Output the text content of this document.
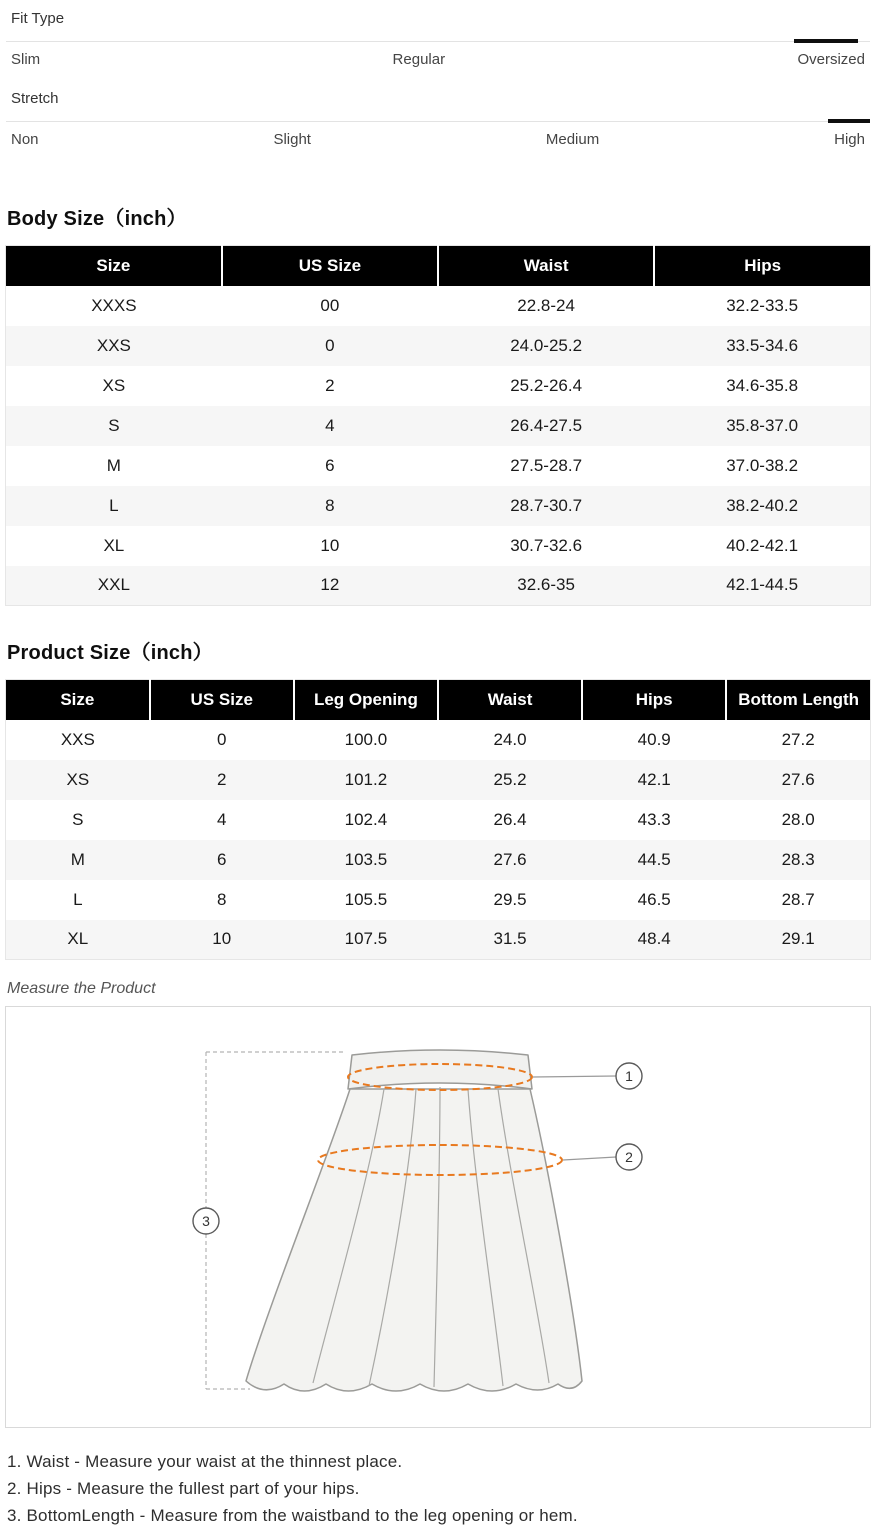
Fit Type
Slim	Regular	Oversized
Stretch
Non	Slight	Medium	High
Body Size（inch）
Size	US Size	Waist	Hips
XXXS	00	22.8-24	32.2-33.5
XXS	0	24.0-25.2	33.5-34.6
XS	2	25.2-26.4	34.6-35.8
S	4	26.4-27.5	35.8-37.0
M	6	27.5-28.7	37.0-38.2
L	8	28.7-30.7	38.2-40.2
XL	10	30.7-32.6	40.2-42.1
XXL	12	32.6-35	42.1-44.5
Product Size（inch）
Size	US Size	Leg Opening	Waist	Hips	Bottom Length
XXS	0	100.0	24.0	40.9	27.2
XS	2	101.2	25.2	42.1	27.6
S	4	102.4	26.4	43.3	28.0
M	6	103.5	27.6	44.5	28.3
L	8	105.5	29.5	46.5	28.7
XL	10	107.5	31.5	48.4	29.1
Measure the Product
1
2
3

1. Waist - Measure your waist at the thinnest place.

2. Hips - Measure the fullest part of your hips.

3. BottomLength - Measure from the waistband to the leg opening or hem.
